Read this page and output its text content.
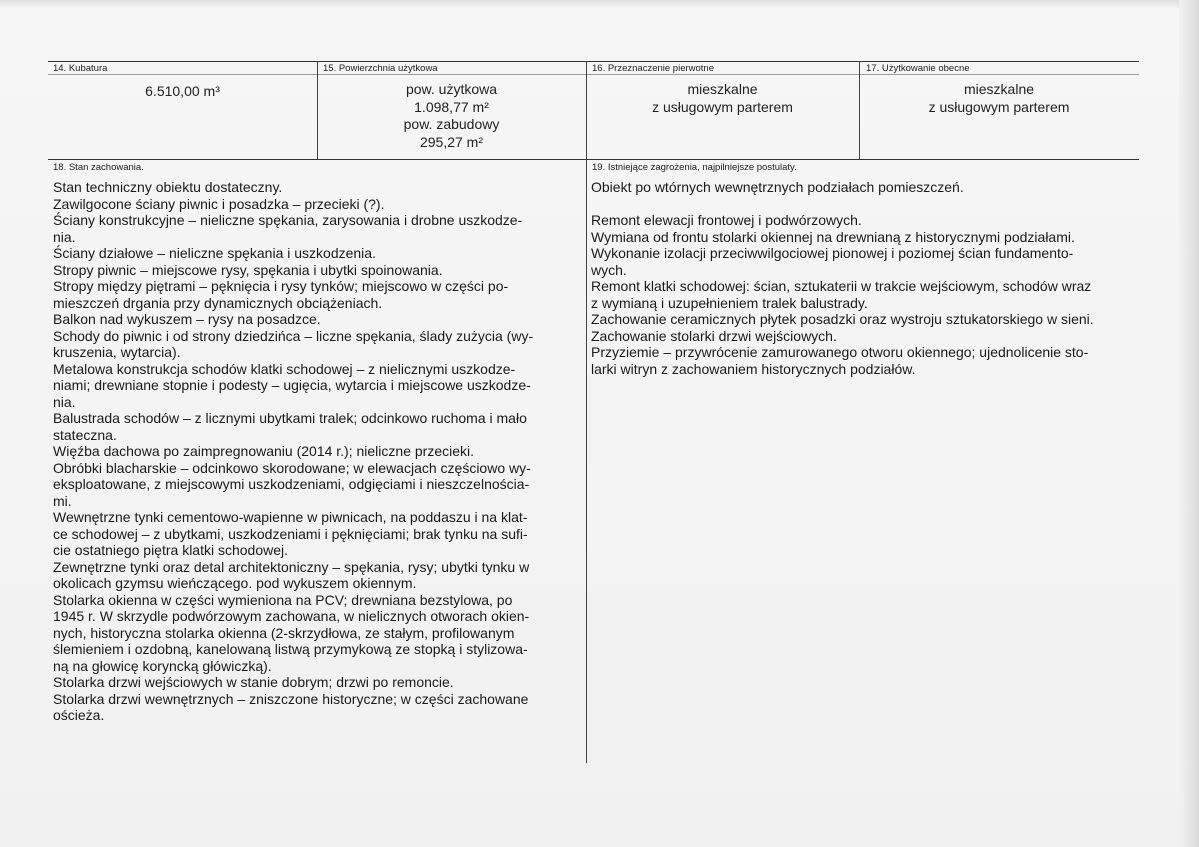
14. Kubatura
6.510,00 m³
15. Powierzchnia użytkowa
pow. użytkowa
1.098,77 m²
pow. zabudowy
295,27 m²
16. Przeznaczenie pierwotne
mieszkalne
z usługowym parterem
17. Użytkowanie obecne
mieszkalne
z usługowym parterem
18. Stan zachowania.
Stan techniczny obiektu dostateczny.
Zawilgocone ściany piwnic i posadzka – przecieki (?).
Ściany konstrukcyjne – nieliczne spękania, zarysowania i drobne uszkodze-
nia.
Ściany działowe – nieliczne spękania i uszkodzenia.
Stropy piwnic – miejscowe rysy, spękania i ubytki spoinowania.
Stropy między piętrami – pęknięcia i rysy tynków; miejscowo w części po-
mieszczeń drgania przy dynamicznych obciążeniach.
Balkon nad wykuszem – rysy na posadzce.
Schody do piwnic i od strony dziedzińca – liczne spękania, ślady zużycia (wy-
kruszenia, wytarcia).
Metalowa konstrukcja schodów klatki schodowej – z nielicznymi uszkodze-
niami; drewniane stopnie i podesty – ugięcia, wytarcia i miejscowe uszkodze-
nia.
Balustrada schodów – z licznymi ubytkami tralek; odcinkowo ruchoma i mało
stateczna.
Więźba dachowa po zaimpregnowaniu (2014 r.); nieliczne przecieki.
Obróbki blacharskie – odcinkowo skorodowane; w elewacjach częściowo wy-
eksploatowane, z miejscowymi uszkodzeniami, odgięciami i nieszczelnościa-
mi.
Wewnętrzne tynki cementowo-wapienne w piwnicach, na poddaszu i na klat-
ce schodowej – z ubytkami, uszkodzeniami i pęknięciami; brak tynku na sufi-
cie ostatniego piętra klatki schodowej.
Zewnętrzne tynki oraz detal architektoniczny – spękania, rysy; ubytki tynku w
okolicach gzymsu wieńczącego. pod wykuszem okiennym.
Stolarka okienna w części wymieniona na PCV; drewniana bezstylowa, po
1945 r. W skrzydle podwórzowym zachowana, w nielicznych otworach okien-
nych, historyczna stolarka okienna (2-skrzydłowa, ze stałym, profilowanym
ślemieniem i ozdobną, kanelowaną listwą przymykową ze stopką i stylizowa-
ną na głowicę koryncką główiczką).
Stolarka drzwi wejściowych w stanie dobrym; drzwi po remoncie.
Stolarka drzwi wewnętrznych – zniszczone historyczne; w części zachowane
ościeża.
19. Istniejące zagrożenia, najpilniejsze postulaty.
Obiekt po wtórnych wewnętrznych podziałach pomieszczeń.
Remont elewacji frontowej i podwórzowych.
Wymiana od frontu stolarki okiennej na drewnianą z historycznymi podziałami.
Wykonanie izolacji przeciwwilgociowej pionowej i poziomej ścian fundamento-
wych.
Remont klatki schodowej: ścian, sztukaterii w trakcie wejściowym, schodów wraz
z wymianą i uzupełnieniem tralek balustrady.
Zachowanie ceramicznych płytek posadzki oraz wystroju sztukatorskiego w sieni.
Zachowanie stolarki drzwi wejściowych.
Przyziemie – przywrócenie zamurowanego otworu okiennego; ujednolicenie sto-
larki witryn z zachowaniem historycznych podziałów.
